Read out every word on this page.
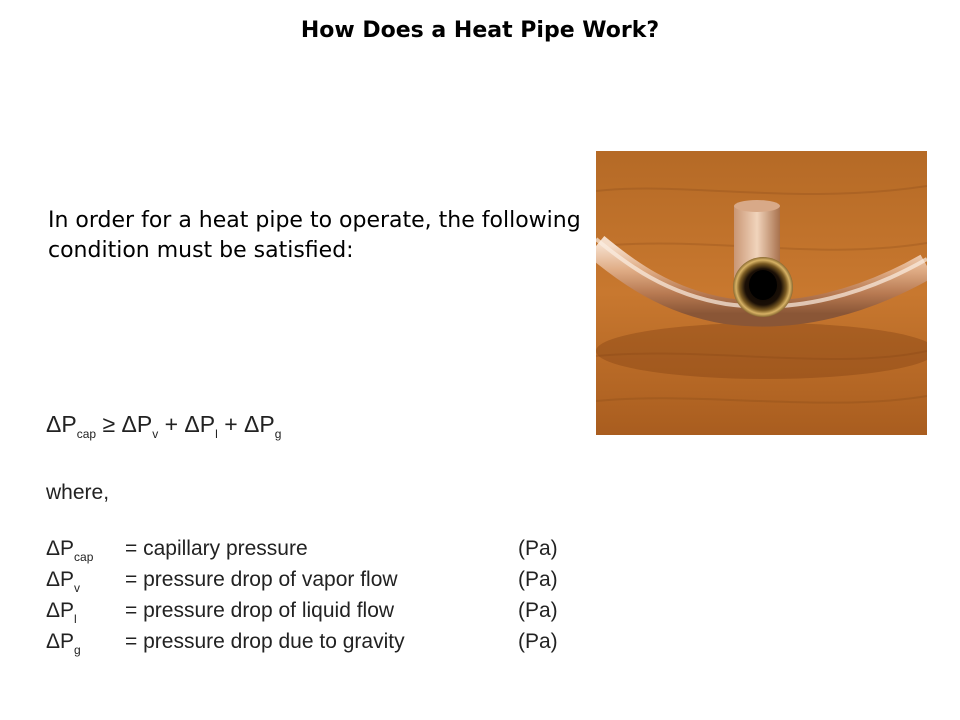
How Does a Heat Pipe Work?
In order for a heat pipe to operate, the following condition must be satisfied:
$\Delta P_{cap} \ge \Delta P_v + \Delta P_l + \Delta P_g$
where,
$\Delta P_{cap}$ = capillary pressure	(Pa)
$\Delta P_v$ = pressure drop of vapor flow	(Pa)
$\Delta P_l$ = pressure drop of liquid flow	(Pa)
$\Delta P_g$ = pressure drop due to gravity	(Pa)
